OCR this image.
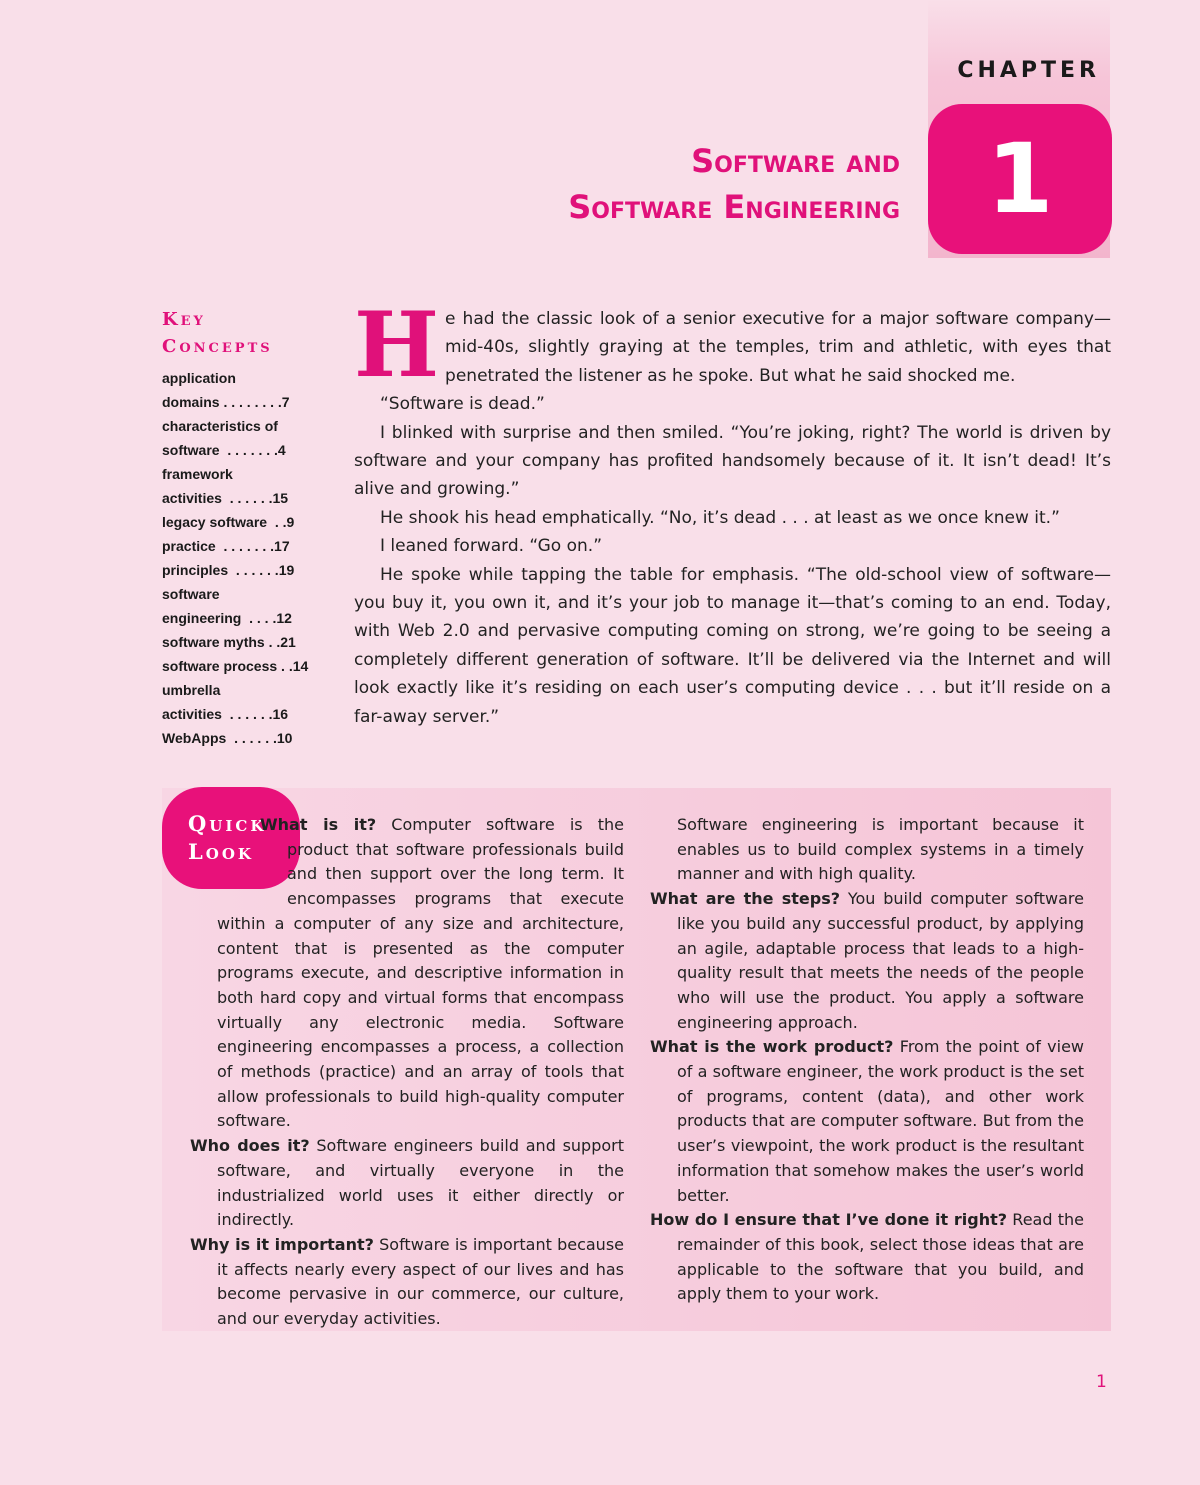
CHAPTER
1
Software and
Software Engineering
Key
Concepts
application
domains . . . . . . . .7
characteristics of
software  . . . . . . .4
framework
activities  . . . . . .15
legacy software  . .9
practice  . . . . . . .17
principles  . . . . . .19
software
engineering  . . . .12
software myths . .21
software process . .14
umbrella
activities  . . . . . .16
WebApps  . . . . . .10

He had the classic look of a senior executive for a major software company—mid-40s, slightly graying at the temples, trim and athletic, with eyes that penetrated the listener as he spoke. But what he said shocked me.

“Software is dead.”

I blinked with surprise and then smiled. “You’re joking, right? The world is driven by software and your company has profited handsomely because of it. It isn’t dead! It’s alive and growing.”

He shook his head emphatically. “No, it’s dead . . . at least as we once knew it.”

I leaned forward. “Go on.”

He spoke while tapping the table for emphasis. “The old-school view of software—you buy it, you own it, and it’s your job to manage it—that’s coming to an end. Today, with Web 2.0 and pervasive computing coming on strong, we’re going to be seeing a completely different generation of software. It’ll be delivered via the Internet and will look exactly like it’s residing on each user’s computing device . . . but it’ll reside on a far-away server.”

Quick
Look

What is it? Computer software is the product that software professionals build and then support over the long term. It encompasses programs that execute within a computer of any size and architecture, content that is presented as the computer programs execute, and descriptive information in both hard copy and virtual forms that encompass virtually any electronic media. Software engineering encompasses a process, a collection of methods (practice) and an array of tools that allow professionals to build high-quality computer software.

Who does it? Software engineers build and support software, and virtually everyone in the industrialized world uses it either directly or indirectly.

Why is it important? Software is important because it affects nearly every aspect of our lives and has become pervasive in our commerce, our culture, and our everyday activities.

Software engineering is important because it enables us to build complex systems in a timely manner and with high quality.

What are the steps? You build computer software like you build any successful product, by applying an agile, adaptable process that leads to a high-quality result that meets the needs of the people who will use the product. You apply a software engineering approach.

What is the work product? From the point of view of a software engineer, the work product is the set of programs, content (data), and other work products that are computer software. But from the user’s viewpoint, the work product is the resultant information that somehow makes the user’s world better.

How do I ensure that I’ve done it right? Read the remainder of this book, select those ideas that are applicable to the software that you build, and apply them to your work.

1
